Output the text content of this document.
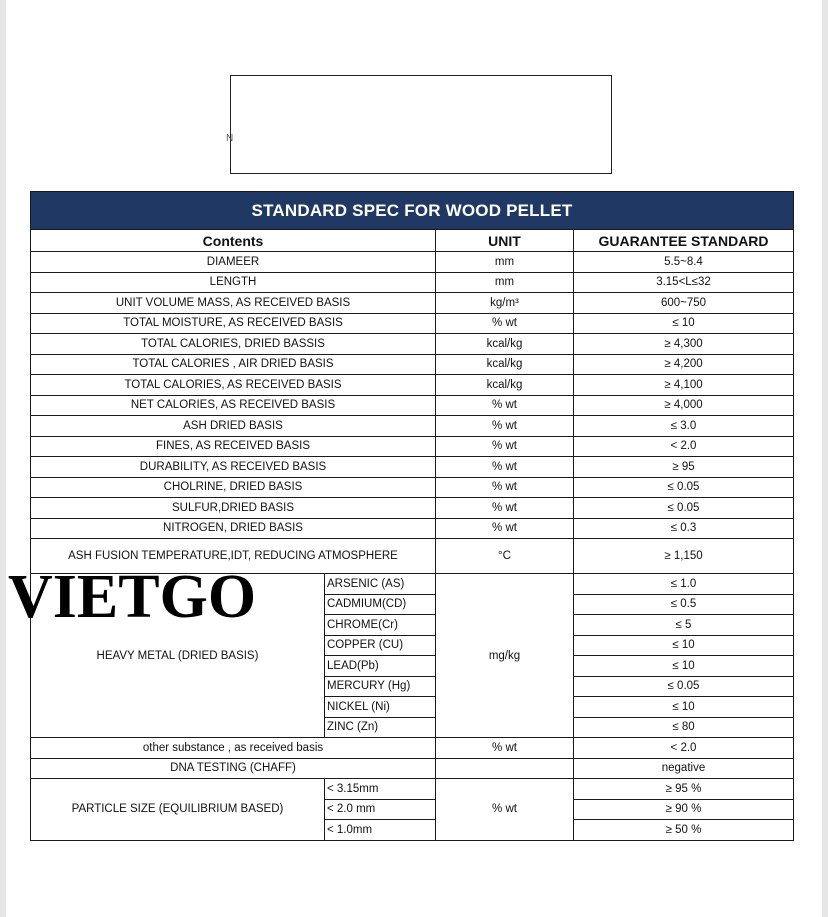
N
STANDARD SPEC FOR WOOD PELLET			
Contents		UNIT	GUARANTEE STANDARD
DIAMEER		mm	5.5~8.4
LENGTH		mm	3.15<L≤32
UNIT VOLUME MASS, AS RECEIVED BASIS		kg/m³	600~750
TOTAL MOISTURE, AS RECEIVED BASIS		% wt	≤ 10
TOTAL CALORIES, DRIED BASSIS		kcal/kg	≥ 4,300
TOTAL CALORIES , AIR DRIED BASIS		kcal/kg	≥ 4,200
TOTAL CALORIES, AS RECEIVED BASIS		kcal/kg	≥ 4,100
NET CALORIES, AS RECEIVED BASIS		% wt	≥ 4,000
ASH DRIED BASIS		% wt	≤ 3.0
FINES, AS RECEIVED BASIS		% wt	< 2.0
DURABILITY, AS RECEIVED BASIS		% wt	≥ 95
CHOLRINE, DRIED BASIS		% wt	≤ 0.05
SULFUR,DRIED BASIS		% wt	≤ 0.05
NITROGEN, DRIED BASIS		% wt	≤ 0.3
ASH FUSION TEMPERATURE,IDT, REDUCING ATMOSPHERE		°C	≥ 1,150
HEAVY METAL (DRIED BASIS)	ARSENIC (AS)	mg/kg	≤ 1.0
	CADMIUM(CD)		≤ 0.5
	CHROME(Cr)		≤ 5
	COPPER (CU)		≤ 10
	LEAD(Pb)		≤ 10
	MERCURY (Hg)		≤ 0.05
	NICKEL (Ni)		≤ 10
	ZINC (Zn)		≤ 80
other substance , as received basis		% wt	< 2.0
DNA TESTING (CHAFF)			negative
PARTICLE SIZE (EQUILIBRIUM BASED)	< 3.15mm	% wt	≥ 95 %
	< 2.0 mm		≥ 90 %
	< 1.0mm		≥ 50 %
VIETGO
